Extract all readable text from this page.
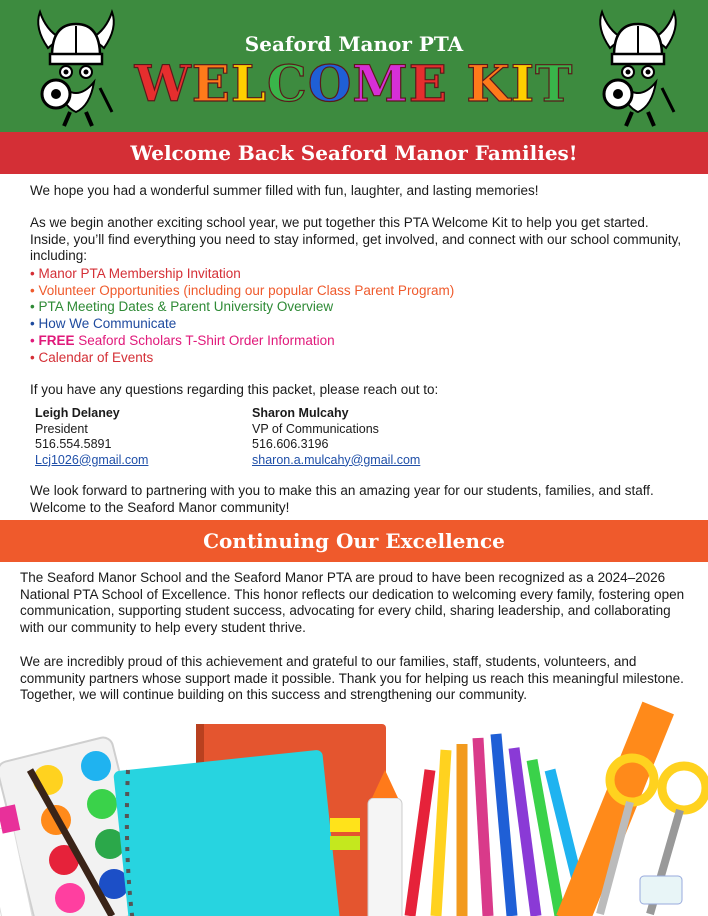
Seaford Manor PTA
WELCOME KIT
Welcome Back Seaford Manor Families!
We hope you had a wonderful summer filled with fun, laughter, and lasting memories!
As we begin another exciting school year, we put together this PTA Welcome Kit to help you get started. Inside, you’ll find everything you need to stay informed, get involved, and connect with our school community, including:
• Manor PTA Membership Invitation
• Volunteer Opportunities (including our popular Class Parent Program)
• PTA Meeting Dates & Parent University Overview
• How We Communicate
• FREE Seaford Scholars T-Shirt Order Information
• Calendar of Events
If you have any questions regarding this packet, please reach out to:
Leigh Delaney
President
516.554.5891
Lcj1026@gmail.com
Sharon Mulcahy
VP of Communications
516.606.3196
sharon.a.mulcahy@gmail.com
We look forward to partnering with you to make this an amazing year for our students, families, and staff. Welcome to the Seaford Manor community!
Continuing Our Excellence
The Seaford Manor School and the Seaford Manor PTA are proud to have been recognized as a 2024–2026 National PTA School of Excellence. This honor reflects our dedication to welcoming every family, fostering open communication, supporting student success, advocating for every child, sharing leadership, and collaborating with our community to help every student thrive.
We are incredibly proud of this achievement and grateful to our families, staff, students, volunteers, and community partners whose support made it possible. Thank you for helping us reach this meaningful milestone. Together, we will continue building on this success and strengthening our community.
